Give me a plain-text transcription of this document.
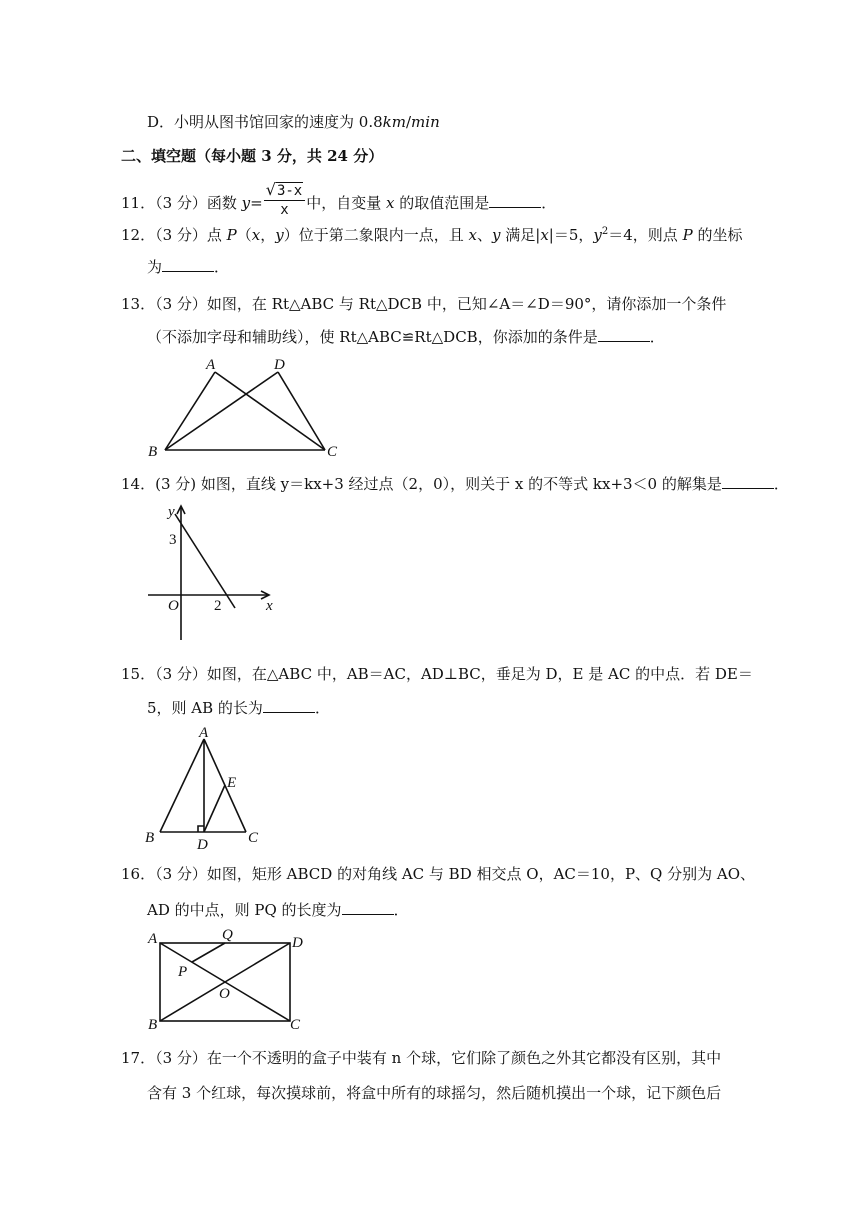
D．小明从图书馆回家的速度为 0.8km/min
二、填空题（每小题 3 分，共 24 分）
11．（3 分）函数 $y= \frac{√3-x}{x}$ 中，自变量 x 的取值范围是	．
12．（3 分）点 P（x，y）位于第二象限内一点，且 x、y 满足|x|＝5，$y^2=4$，则点 P 的坐标
为	．
13．（3 分）如图，在 Rt△ABC 与 Rt△DCB 中，已知∠A＝∠D＝90°，请你添加一个条件
（不添加字母和辅助线），使 Rt△ABC≌Rt△DCB，你添加的条件是	．
A	D
B	C
14．(3 分) 如图，直线 y＝kx+3 经过点（2，0），则关于 x 的不等式 kx+3＜0 的解集是	．
y
3
O 2	x
15．（3 分）如图，在△ABC 中，AB＝AC，AD⊥BC，垂足为 D，E 是 AC 的中点．若 DE＝
5，则 AB 的长为	．
A
E
B	D	C
16．（3 分）如图，矩形 ABCD 的对角线 AC 与 BD 相交点 O，AC＝10，P、Q 分别为 AO、
AD 的中点，则 PQ 的长度为	．
A	Q	D
P
O
B	C
17．（3 分）在一个不透明的盒子中装有 n 个球，它们除了颜色之外其它都没有区别，其中
含有 3 个红球，每次摸球前，将盒中所有的球摇匀，然后随机摸出一个球，记下颜色后
